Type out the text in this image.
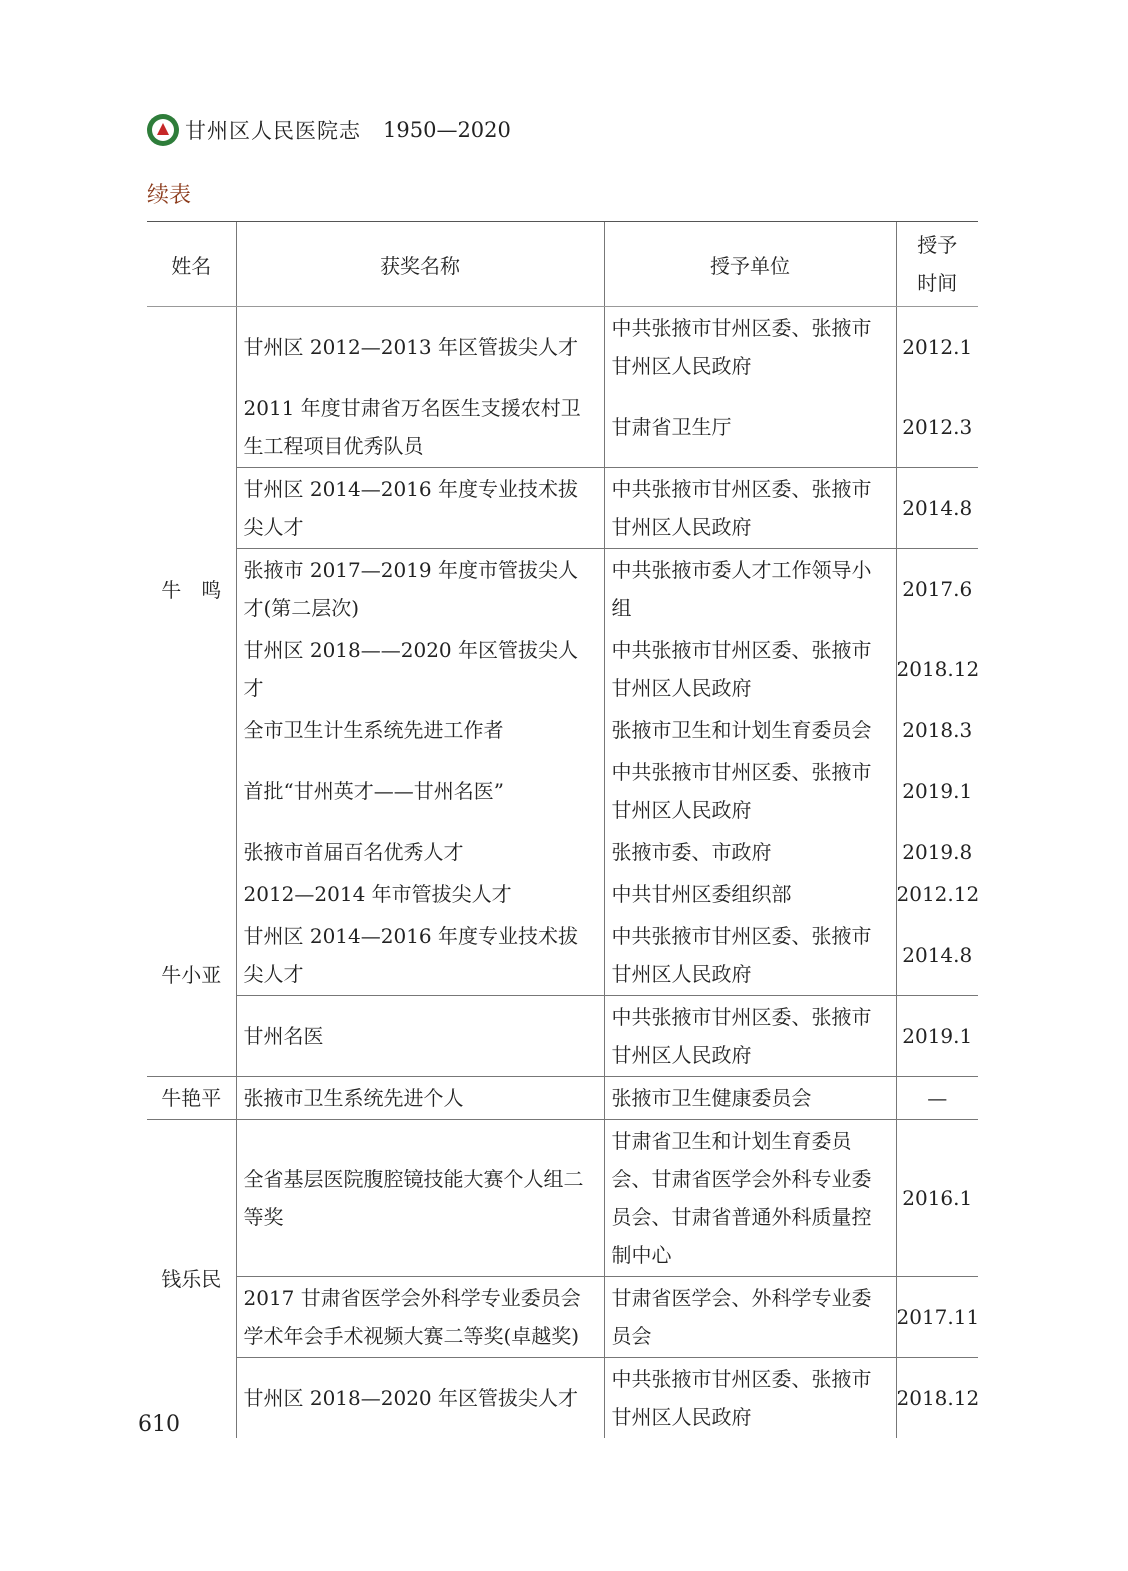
甘州区人民医院志 1950—2020
续表
姓名	获奖名称	授予单位	授予时间
牛　鸣	甘州区 2012—2013 年区管拔尖人才	中共张掖市甘州区委、张掖市甘州区人民政府	2012.1
	2011 年度甘肃省万名医生支援农村卫生工程项目优秀队员	甘肃省卫生厅	2012.3
	甘州区 2014—2016 年度专业技术拔尖人才	中共张掖市甘州区委、张掖市甘州区人民政府	2014.8
	张掖市 2017—2019 年度市管拔尖人才(第二层次)	中共张掖市委人才工作领导小组	2017.6
	甘州区 2018——2020 年区管拔尖人才	中共张掖市甘州区委、张掖市甘州区人民政府	2018.12
	全市卫生计生系统先进工作者	张掖市卫生和计划生育委员会	2018.3
	首批“甘州英才——甘州名医”	中共张掖市甘州区委、张掖市甘州区人民政府	2019.1
	张掖市首届百名优秀人才	张掖市委、市政府	2019.8
牛小亚	2012—2014 年市管拔尖人才	中共甘州区委组织部	2012.12
	甘州区 2014—2016 年度专业技术拔尖人才	中共张掖市甘州区委、张掖市甘州区人民政府	2014.8
	甘州名医	中共张掖市甘州区委、张掖市甘州区人民政府	2019.1
牛艳平	张掖市卫生系统先进个人	张掖市卫生健康委员会	—
钱乐民	全省基层医院腹腔镜技能大赛个人组二等奖	甘肃省卫生和计划生育委员会、甘肃省医学会外科专业委员会、甘肃省普通外科质量控制中心	2016.1
	2017 甘肃省医学会外科学专业委员会学术年会手术视频大赛二等奖(卓越奖)	甘肃省医学会、外科学专业委员会	2017.11
	甘州区 2018—2020 年区管拔尖人才	中共张掖市甘州区委、张掖市甘州区人民政府	2018.12
610
